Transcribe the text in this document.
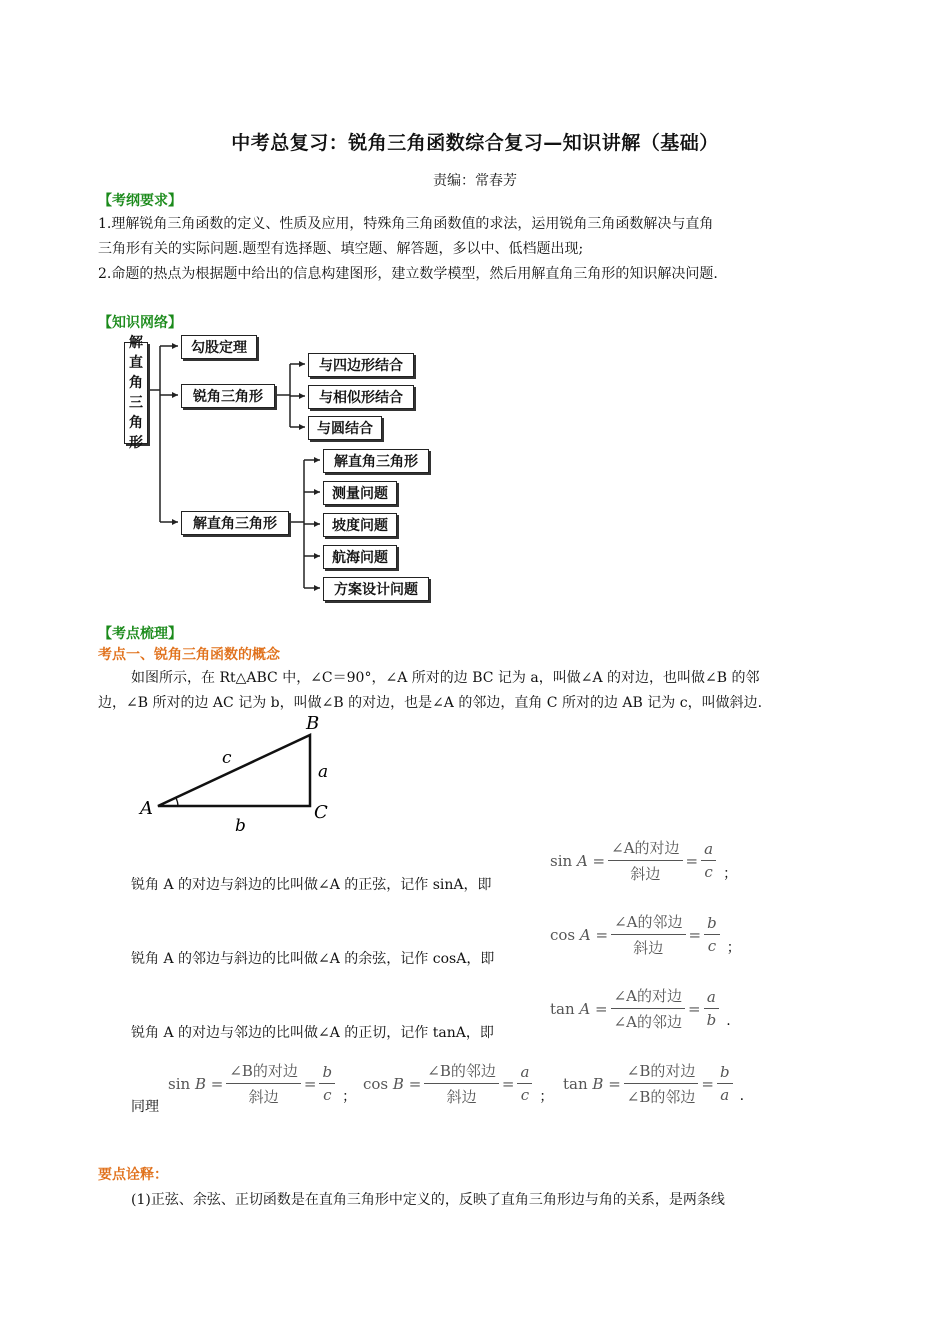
中考总复习：锐角三角函数综合复习—知识讲解（基础）
责编：常春芳
【考纲要求】
1.理解锐角三角函数的定义、性质及应用，特殊角三角函数值的求法，运用锐角三角函数解决与直角
三角形有关的实际问题.题型有选择题、填空题、解答题，多以中、低档题出现;
2.命题的热点为根据题中给出的信息构建图形，建立数学模型，然后用解直角三角形的知识解决问题.
【知识网络】
解
直
角
三
角
形
勾股定理
锐角三角形
解直角三角形
与四边形结合
与相似形结合
与圆结合
解直角三角形
测量问题
坡度问题
航海问题
方案设计问题
【考点梳理】
考点一、锐角三角函数的概念
如图所示，在 Rt△ABC 中，∠C＝90°，∠A 所对的边 BC 记为 a，叫做∠A 的对边，也叫做∠B 的邻
边，∠B 所对的边 AC 记为 b，叫做∠B 的对边，也是∠A 的邻边，直角 C 所对的边 AB 记为 c，叫做斜边.
B
A	C
c
a
b
锐角 A 的对边与斜边的比叫做∠A 的正弦，记作 sinA，即
sin
$A = \frac{\text{∠A的对边}}{\text{斜边}} = \frac{a}{c}$ ；
锐角 A 的邻边与斜边的比叫做∠A 的余弦，记作 cosA，即
cos
$A = \frac{\text{∠A的邻边}}{\text{斜边}} = \frac{b}{c}$ ；
锐角 A 的对边与邻边的比叫做∠A 的正切，记作 tanA，即
tan
$A = \frac{\text{∠A的对边}}{\text{∠A的邻边}} = \frac{a}{b}$ .
同理
sin
$B = \frac{\text{∠B的对边}}{\text{斜边}} = \frac{b}{c}$ ；
cos
$B = \frac{\text{∠B的邻边}}{\text{斜边}} = \frac{a}{c}$ ；
tan
$B = \frac{\text{∠B的对边}}{\text{∠B的邻边}} = \frac{b}{a}$ .
要点诠释：
(1)正弦、余弦、正切函数是在直角三角形中定义的，反映了直角三角形边与角的关系，是两条线
